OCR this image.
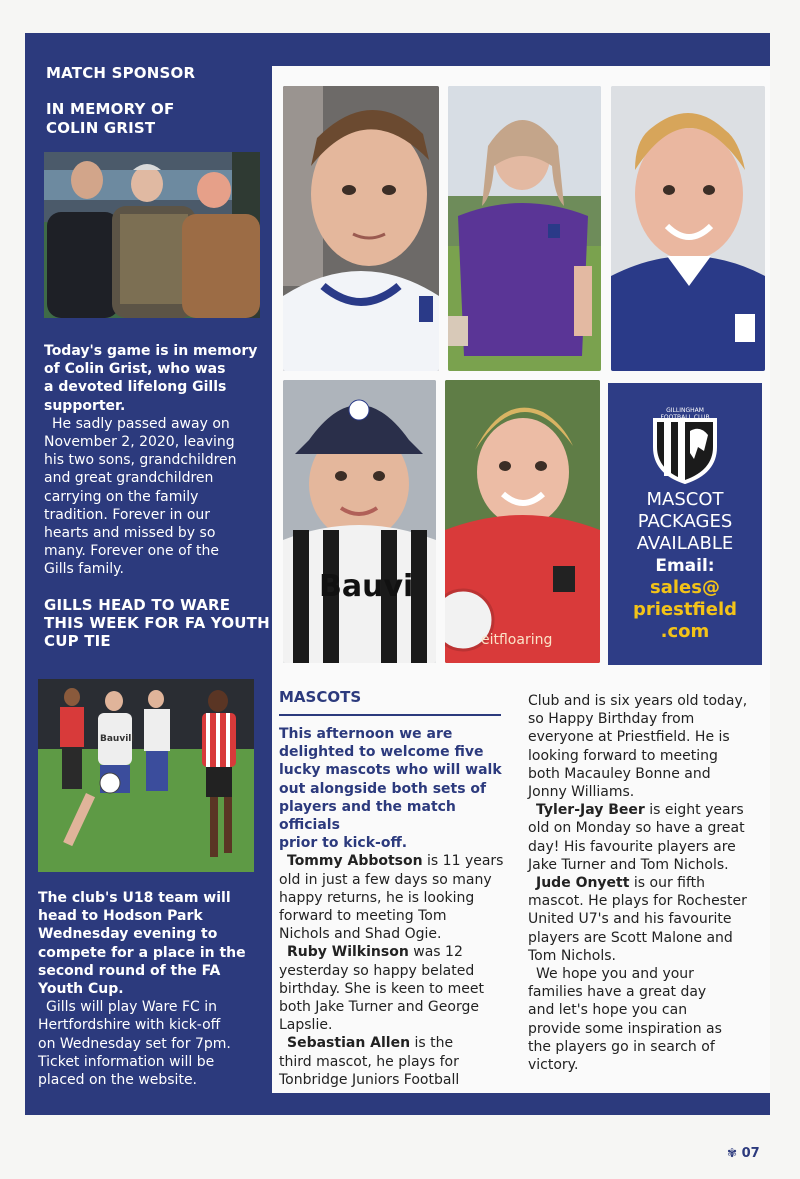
MATCH SPONSOR
IN MEMORY OF
COLIN GRIST
Today's game is in memory
of Colin Grist, who was
a devoted lifelong Gills
supporter.
He sadly passed away on
November 2, 2020, leaving
his two sons, grandchildren
and great grandchildren
carrying on the family
tradition. Forever in our
hearts and missed by so
many. Forever one of the
Gills family.
GILLS HEAD TO WARE
THIS WEEK FOR FA YOUTH
CUP TIE
Bauvill
The club's U18 team will
head to Hodson Park
Wednesday evening to
compete for a place in the
second round of the FA
Youth Cup.
Gills will play Ware FC in
Hertfordshire with kick-off
on Wednesday set for 7pm.
Ticket information will be
placed on the website.
Bauvi
eitfloaring
GILLINGHAM FOOTBALL CLUB
MASCOT
PACKAGES
AVAILABLE
Email:
sales@
priestfield
.com
MASCOTS
This afternoon we are
delighted to welcome five
lucky mascots who will walk
out alongside both sets of
players and the match officials
prior to kick-off.
Tommy Abbotson is 11 years
old in just a few days so many
happy returns, he is looking
forward to meeting Tom
Nichols and Shad Ogie.
Ruby Wilkinson was 12
yesterday so happy belated
birthday. She is keen to meet
both Jake Turner and George
Lapslie.
Sebastian Allen is the
third mascot, he plays for
Tonbridge Juniors Football
Club and is six years old today,
so Happy Birthday from
everyone at Priestfield. He is
looking forward to meeting
both Macauley Bonne and
Jonny Williams.
Tyler-Jay Beer is eight years
old on Monday so have a great
day! His favourite players are
Jake Turner and Tom Nichols.
Jude Onyett is our fifth
mascot. He plays for Rochester
United U7's and his favourite
players are Scott Malone and
Tom Nichols.
We hope you and your
families have a great day
and let's hope you can
provide some inspiration as
the players go in search of
victory.
✾ 07
